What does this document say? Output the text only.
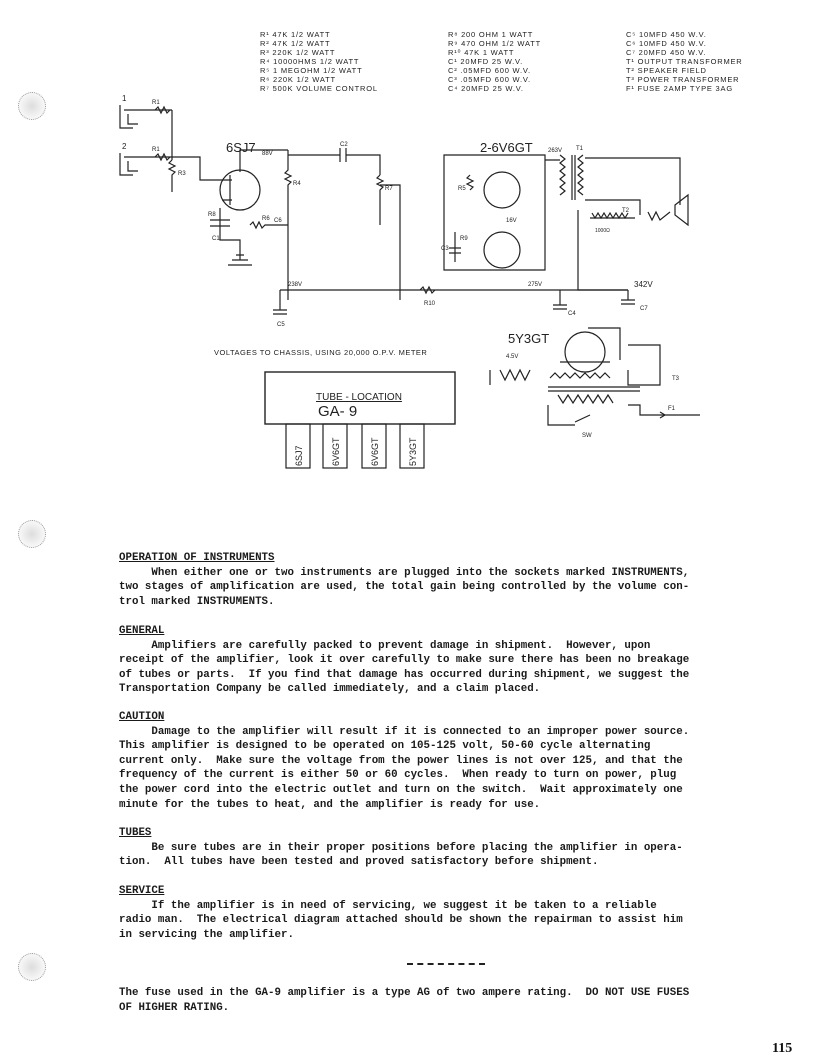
R¹ 47K 1/2 WATT
R² 47K 1/2 WATT
R³ 220K 1/2 WATT
R⁴ 10000HMS 1/2 WATT
R⁵ 1 MEGOHM 1/2 WATT
R⁶ 220K 1/2 WATT
R⁷ 500K VOLUME CONTROL
R⁸ 200 OHM 1 WATT
R⁹ 470 OHM 1/2 WATT
R¹⁰ 47K 1 WATT
C¹ 20MFD 25 W.V.
C² .05MFD 600 W.V.
C³ .05MFD 600 W.V.
C⁴ 20MFD 25 W.V.
C⁵ 10MFD 450 W.V.
C⁶ 10MFD 450 W.V.
C⁷ 20MFD 450 W.V.
T¹ OUTPUT TRANSFORMER
T² SPEAKER FIELD
T³ POWER TRANSFORMER
F¹ FUSE 2AMP TYPE 3AG
1
2
R1
R1
R3
6SJ7 88V
R4
R6
C2
R7
R8
C1
C6
2-6V6GT	263V
R5
16V
C3
R9
T1
T2
1000Ω
238V
R10
275V	342V
C5
C4
C7
5Y3GT
4.5V
T3
F1
SW
VOLTAGES TO CHASSIS, USING 20,000 O.P.V. METER
TUBE - LOCATION
GA- 9
6SJ7	6V6GT	6V6GT	5Y3GT
OPERATION OF INSTRUMENTS
When either one or two instruments are plugged into the sockets marked INSTRUMENTS,
two stages of amplification are used, the total gain being controlled by the volume con-
trol marked INSTRUMENTS.
GENERAL
Amplifiers are carefully packed to prevent damage in shipment.  However, upon
receipt of the amplifier, look it over carefully to make sure there has been no breakage
of tubes or parts.  If you find that damage has occurred during shipment, we suggest the
Transportation Company be called immediately, and a claim placed.
CAUTION
Damage to the amplifier will result if it is connected to an improper power source.
This amplifier is designed to be operated on 105-125 volt, 50-60 cycle alternating
current only.  Make sure the voltage from the power lines is not over 125, and that the
frequency of the current is either 50 or 60 cycles.  When ready to turn on power, plug
the power cord into the electric outlet and turn on the switch.  Wait approximately one
minute for the tubes to heat, and the amplifier is ready for use.
TUBES
Be sure tubes are in their proper positions before placing the amplifier in opera-
tion.  All tubes have been tested and proved satisfactory before shipment.
SERVICE
If the amplifier is in need of servicing, we suggest it be taken to a reliable
radio man.  The electrical diagram attached should be shown the repairman to assist him
in servicing the amplifier.
The fuse used in the GA-9 amplifier is a type AG of two ampere rating.  DO NOT USE FUSES
OF HIGHER RATING.
115
